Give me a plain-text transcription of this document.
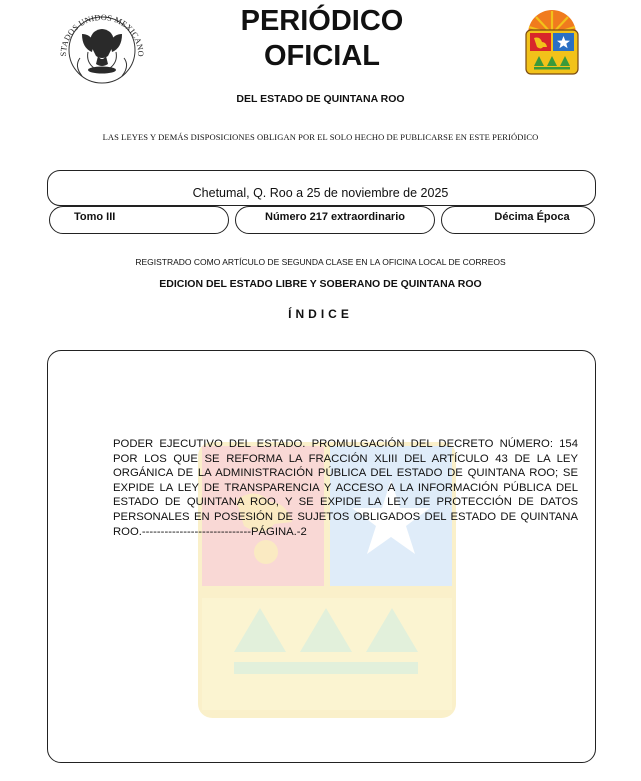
STADOS UNIDOS MEXICANO
PERIÓDICO
OFICIAL
DEL ESTADO DE QUINTANA ROO
LAS LEYES Y DEMÁS DISPOSICIONES OBLIGAN POR EL SOLO HECHO DE PUBLICARSE EN ESTE PERIÓDICO
Chetumal, Q. Roo a 25 de noviembre de 2025
Tomo III	Número 217 extraordinario	Décima Época
REGISTRADO COMO ARTÍCULO DE SEGUNDA CLASE EN LA OFICINA LOCAL DE CORREOS
EDICION DEL ESTADO LIBRE Y SOBERANO DE QUINTANA ROO
ÍNDICE
PODER EJECUTIVO DEL ESTADO. PROMULGACIÓN DEL DECRETO NÚMERO: 154 POR LOS QUE SE REFORMA LA FRACCIÓN XLIII DEL ARTÍCULO 43 DE LA LEY ORGÁNICA DE LA ADMINISTRACIÓN PÚBLICA DEL ESTADO DE QUINTANA ROO; SE EXPIDE LA LEY DE TRANSPARENCIA Y ACCESO A LA INFORMACIÓN PÚBLICA DEL ESTADO DE QUINTANA ROO, Y SE EXPIDE LA LEY DE PROTECCIÓN DE DATOS PERSONALES EN POSESIÓN DE SUJETOS OBLIGADOS DEL ESTADO DE QUINTANA ROO.-----------------------------PÁGINA.-2
